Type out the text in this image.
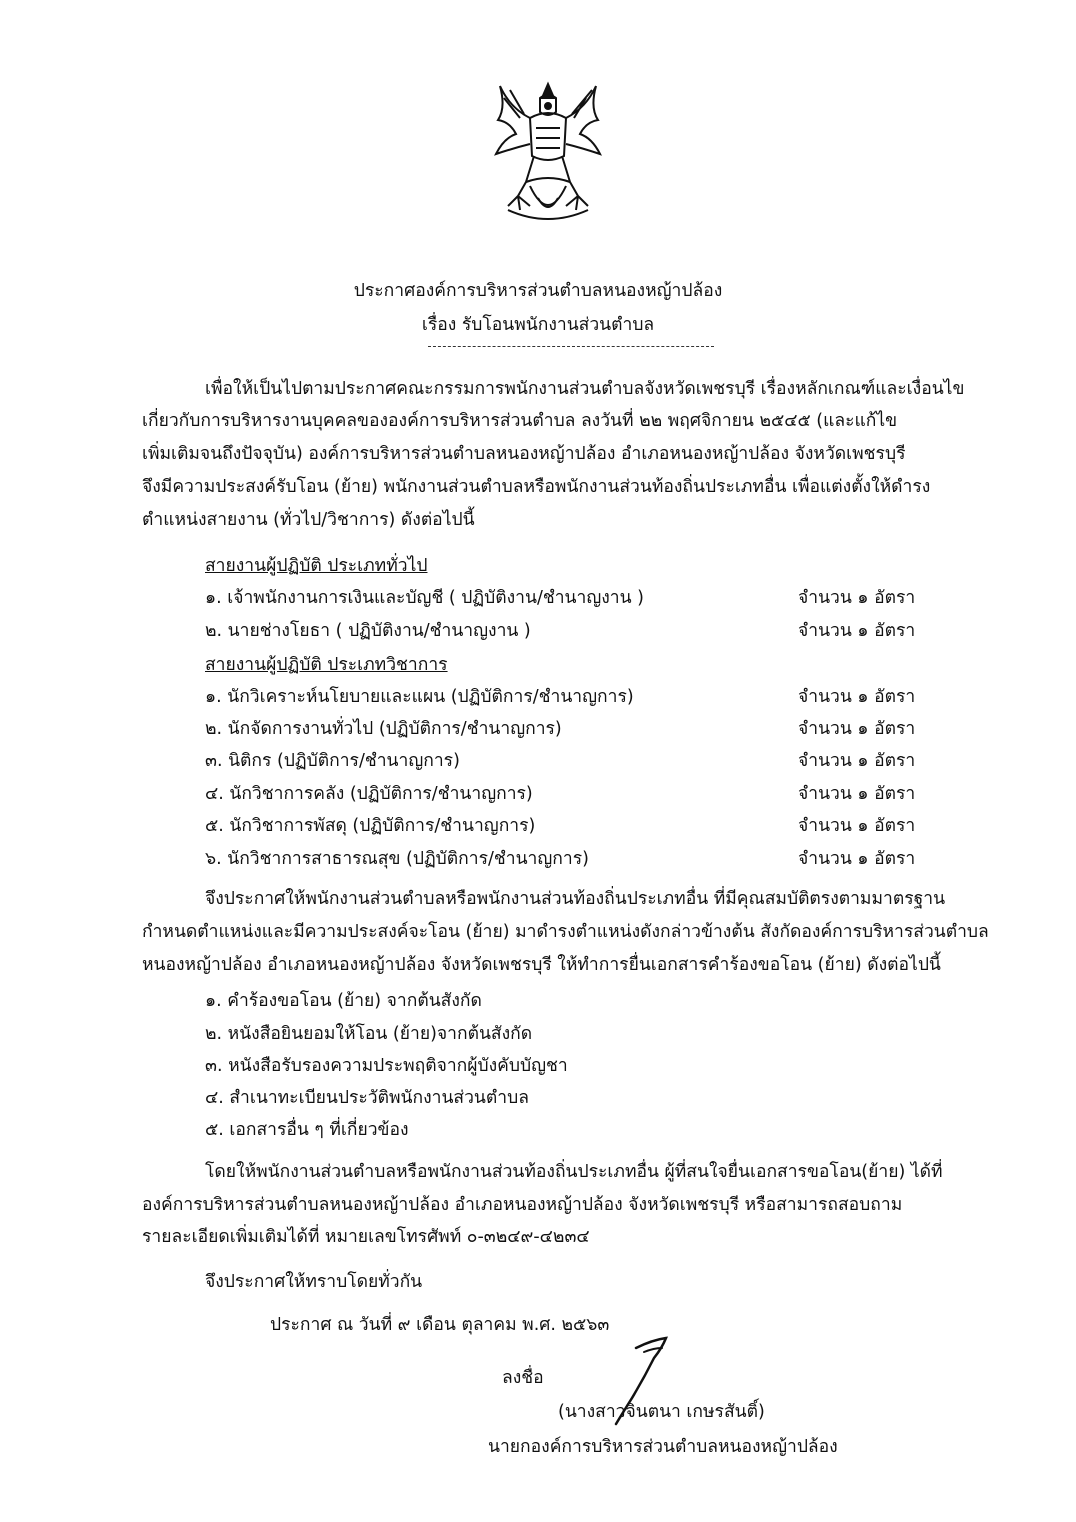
ประกาศองค์การบริหารส่วนตำบลหนองหญ้าปล้อง
เรื่อง รับโอนพนักงานส่วนตำบล
เพื่อให้เป็นไปตามประกาศคณะกรรมการพนักงานส่วนตำบลจังหวัดเพชรบุรี เรื่องหลักเกณฑ์และเงื่อนไข
เกี่ยวกับการบริหารงานบุคคลขององค์การบริหารส่วนตำบล ลงวันที่ ๒๒ พฤศจิกายน ๒๕๔๕ (และแก้ไข
เพิ่มเติมจนถึงปัจจุบัน) องค์การบริหารส่วนตำบลหนองหญ้าปล้อง อำเภอหนองหญ้าปล้อง จังหวัดเพชรบุรี
จึงมีความประสงค์รับโอน (ย้าย) พนักงานส่วนตำบลหรือพนักงานส่วนท้องถิ่นประเภทอื่น เพื่อแต่งตั้งให้ดำรง
ตำแหน่งสายงาน (ทั่วไป/วิชาการ) ดังต่อไปนี้
สายงานผู้ปฏิบัติ ประเภททั่วไป
๑. เจ้าพนักงานการเงินและบัญชี ( ปฏิบัติงาน/ชำนาญงาน )	จำนวน ๑ อัตรา
๒. นายช่างโยธา ( ปฏิบัติงาน/ชำนาญงาน )	จำนวน ๑ อัตรา
สายงานผู้ปฏิบัติ ประเภทวิชาการ
๑. นักวิเคราะห์นโยบายและแผน (ปฏิบัติการ/ชำนาญการ)	จำนวน ๑ อัตรา
๒. นักจัดการงานทั่วไป (ปฏิบัติการ/ชำนาญการ)	จำนวน ๑ อัตรา
๓. นิติกร (ปฏิบัติการ/ชำนาญการ)	จำนวน ๑ อัตรา
๔. นักวิชาการคลัง (ปฏิบัติการ/ชำนาญการ)	จำนวน ๑ อัตรา
๕. นักวิชาการพัสดุ (ปฏิบัติการ/ชำนาญการ)	จำนวน ๑ อัตรา
๖. นักวิชาการสาธารณสุข (ปฏิบัติการ/ชำนาญการ)	จำนวน ๑ อัตรา
จึงประกาศให้พนักงานส่วนตำบลหรือพนักงานส่วนท้องถิ่นประเภทอื่น ที่มีคุณสมบัติตรงตามมาตรฐาน
กำหนดตำแหน่งและมีความประสงค์จะโอน (ย้าย) มาดำรงตำแหน่งดังกล่าวข้างต้น สังกัดองค์การบริหารส่วนตำบล
หนองหญ้าปล้อง อำเภอหนองหญ้าปล้อง จังหวัดเพชรบุรี ให้ทำการยื่นเอกสารคำร้องขอโอน (ย้าย) ดังต่อไปนี้
๑. คำร้องขอโอน (ย้าย) จากต้นสังกัด
๒. หนังสือยินยอมให้โอน (ย้าย)จากต้นสังกัด
๓. หนังสือรับรองความประพฤติจากผู้บังคับบัญชา
๔. สำเนาทะเบียนประวัติพนักงานส่วนตำบล
๕. เอกสารอื่น ๆ ที่เกี่ยวข้อง
โดยให้พนักงานส่วนตำบลหรือพนักงานส่วนท้องถิ่นประเภทอื่น ผู้ที่สนใจยื่นเอกสารขอโอน(ย้าย) ได้ที่
องค์การบริหารส่วนตำบลหนองหญ้าปล้อง อำเภอหนองหญ้าปล้อง จังหวัดเพชรบุรี หรือสามารถสอบถาม
รายละเอียดเพิ่มเติมได้ที่ หมายเลขโทรศัพท์ ๐-๓๒๔๙-๔๒๓๔
จึงประกาศให้ทราบโดยทั่วกัน
ประกาศ ณ วันที่ ๙ เดือน ตุลาคม พ.ศ. ๒๕๖๓
ลงชื่อ
(นางสาวจินตนา เกษรสันติ์)
นายกองค์การบริหารส่วนตำบลหนองหญ้าปล้อง
